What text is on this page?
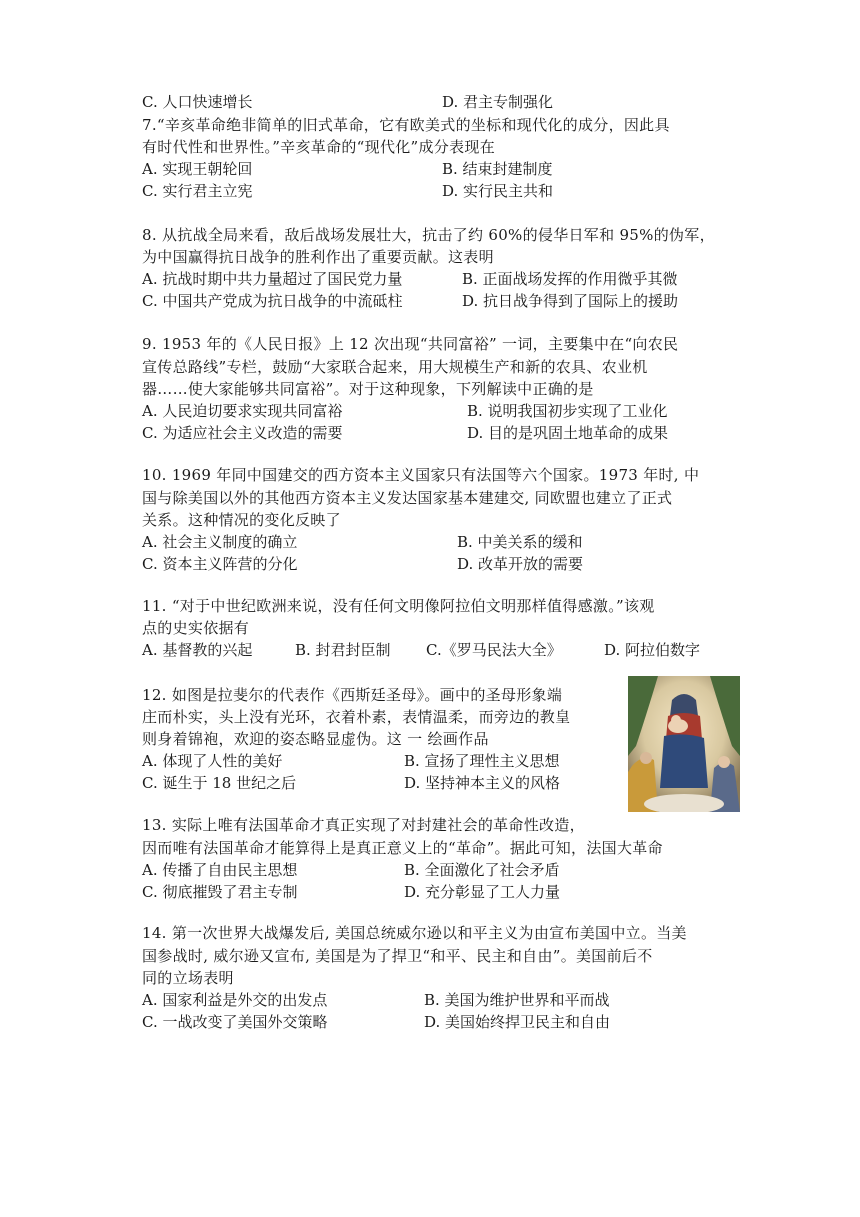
C. 人口快速增长	D. 君主专制强化
7.“辛亥革命绝非简单的旧式革命，它有欧美式的坐标和现代化的成分，因此具
有时代性和世界性。”辛亥革命的“现代化”成分表现在
A. 实现王朝轮回	B. 结束封建制度
C. 实行君主立宪	D. 实行民主共和
8. 从抗战全局来看，敌后战场发展壮大，抗击了约 60%的侵华日军和 95%的伪军，
为中国赢得抗日战争的胜利作出了重要贡献。这表明
A. 抗战时期中共力量超过了国民党力量	B. 正面战场发挥的作用微乎其微
C. 中国共产党成为抗日战争的中流砥柱	D. 抗日战争得到了国际上的援助
9. 1953 年的《人民日报》上 12 次出现“共同富裕” 一词，主要集中在“向农民
宣传总路线”专栏，鼓励“大家联合起来，用大规模生产和新的农具、农业机
器……使大家能够共同富裕”。对于这种现象，下列解读中正确的是
A. 人民迫切要求实现共同富裕	B. 说明我国初步实现了工业化
C. 为适应社会主义改造的需要	D. 目的是巩固土地革命的成果
10. 1969 年同中国建交的西方资本主义国家只有法国等六个国家。1973 年时, 中
国与除美国以外的其他西方资本主义发达国家基本建建交, 同欧盟也建立了正式
关系。这种情况的变化反映了
A. 社会主义制度的确立	B. 中美关系的缓和
C. 资本主义阵营的分化	D. 改革开放的需要
11. “对于中世纪欧洲来说，没有任何文明像阿拉伯文明那样值得感激。”该观
点的史实依据有
A. 基督教的兴起	B. 封君封臣制 C.《罗马民法大全》	D. 阿拉伯数字
12. 如图是拉斐尔的代表作《西斯廷圣母》。画中的圣母形象端
庄而朴实，头上没有光环，衣着朴素，表情温柔，而旁边的教皇
则身着锦袍，欢迎的姿态略显虚伪。这 一 绘画作品
A. 体现了人性的美好	B. 宣扬了理性主义思想
C. 诞生于 18 世纪之后	D. 坚持神本主义的风格
13. 实际上唯有法国革命才真正实现了对封建社会的革命性改造，
因而唯有法国革命才能算得上是真正意义上的“革命”。据此可知，法国大革命
A. 传播了自由民主思想	B. 全面激化了社会矛盾
C. 彻底摧毁了君主专制	D. 充分彰显了工人力量
14. 第一次世界大战爆发后, 美国总统威尔逊以和平主义为由宣布美国中立。当美
国参战时, 威尔逊又宣布, 美国是为了捍卫“和平、民主和自由”。美国前后不
同的立场表明
A. 国家利益是外交的出发点	B. 美国为维护世界和平而战
C. 一战改变了美国外交策略	D. 美国始终捍卫民主和自由
